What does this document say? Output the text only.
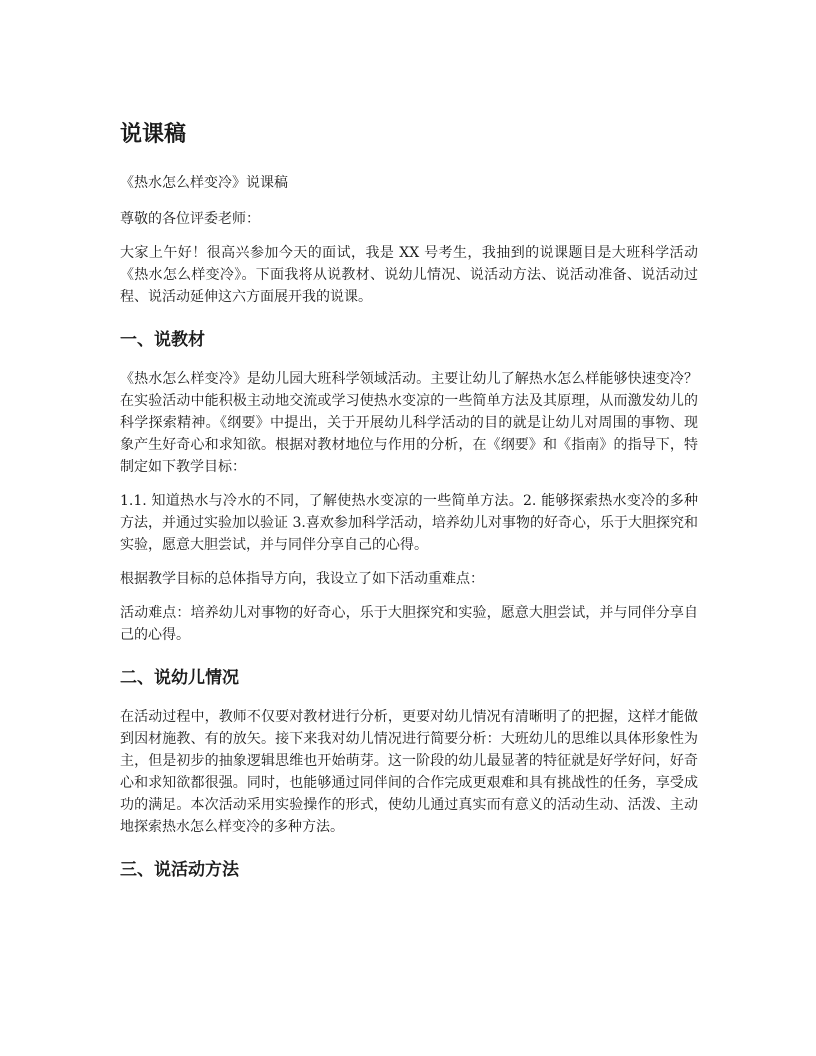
说课稿

《热水怎么样变冷》说课稿

尊敬的各位评委老师：

大家上午好！很高兴参加今天的面试，我是 XX 号考生，我抽到的说课题目是大班科学活动《热水怎么样变冷》。下面我将从说教材、说幼儿情况、说活动方法、说活动准备、说活动过程、说活动延伸这六方面展开我的说课。

一、说教材

《热水怎么样变冷》是幼儿园大班科学领域活动。主要让幼儿了解热水怎么样能够快速变冷？在实验活动中能积极主动地交流或学习使热水变凉的一些简单方法及其原理，从而激发幼儿的科学探索精神。《纲要》中提出，关于开展幼儿科学活动的目的就是让幼儿对周围的事物、现象产生好奇心和求知欲。根据对教材地位与作用的分析，在《纲要》和《指南》的指导下，特制定如下教学目标：

1.1. 知道热水与冷水的不同，了解使热水变凉的一些简单方法。2. 能够探索热水变冷的多种方法，并通过实验加以验证 3.喜欢参加科学活动，培养幼儿对事物的好奇心，乐于大胆探究和实验，愿意大胆尝试，并与同伴分享自己的心得。

根据教学目标的总体指导方向，我设立了如下活动重难点：

活动难点：培养幼儿对事物的好奇心，乐于大胆探究和实验，愿意大胆尝试，并与同伴分享自己的心得。

二、说幼儿情况

在活动过程中，教师不仅要对教材进行分析，更要对幼儿情况有清晰明了的把握，这样才能做到因材施教、有的放矢。接下来我对幼儿情况进行简要分析：大班幼儿的思维以具体形象性为主，但是初步的抽象逻辑思维也开始萌芽。这一阶段的幼儿最显著的特征就是好学好问，好奇心和求知欲都很强。同时，也能够通过同伴间的合作完成更艰难和具有挑战性的任务，享受成功的满足。本次活动采用实验操作的形式，使幼儿通过真实而有意义的活动生动、活泼、主动地探索热水怎么样变冷的多种方法。

三、说活动方法
